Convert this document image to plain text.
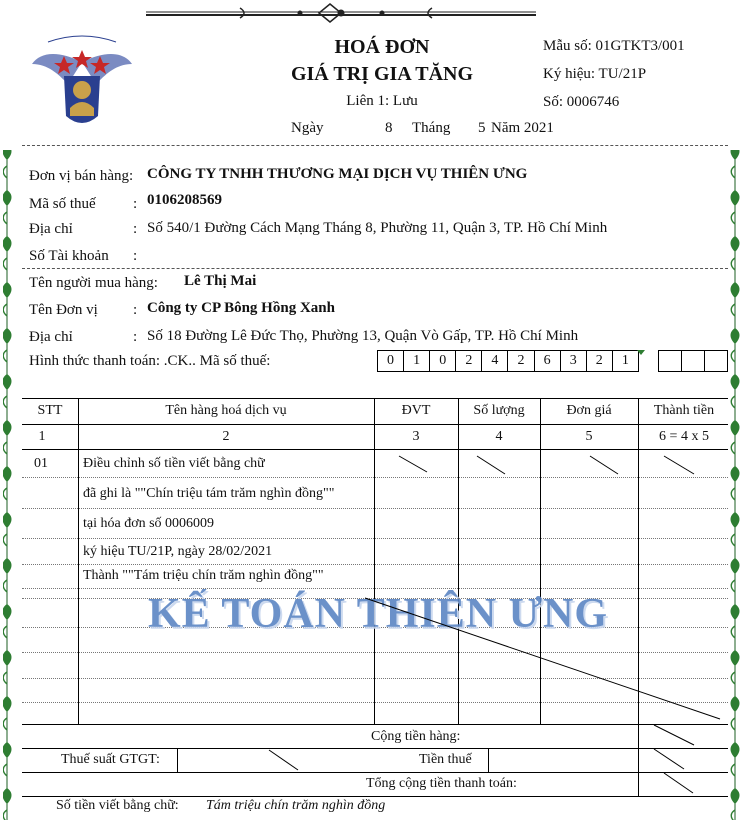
HOÁ ĐƠN
GIÁ TRỊ GIA TĂNG
Liên 1: Lưu
Ngày	8 Tháng 5 Năm 2021
Mẫu số: 01GTKT3/001
Ký hiệu: TU/21P
Số: 0006746
Đơn vị bán hàng: CÔNG TY TNHH THƯƠNG MẠI DỊCH VỤ THIÊN ƯNG
Mã số thuế : 0106208569
Địa chỉ	: Số 540/1 Đường Cách Mạng Tháng 8, Phường 11, Quận 3, TP. Hồ Chí Minh
Số Tài khoản :
Tên người mua hàng: Lê Thị Mai
Tên Đơn vị : Công ty CP Bông Hồng Xanh
Địa chỉ	: Số 18 Đường Lê Đức Thọ, Phường 13, Quận Vò Gấp, TP. Hồ Chí Minh
Hình thức thanh toán: .CK.. Mã số thuế:	0	1	0	2	4	2	6	3	2	1
STT	Tên hàng hoá dịch vụ	ĐVT	Số lượng	Đơn giá	Thành tiền
1	2	3	4	5	6 = 4 x 5
01	Điều chỉnh số tiền viết bằng chữ
đã ghi là ""Chín triệu tám trăm nghìn đồng""
tại hóa đơn số 0006009
ký hiệu TU/21P, ngày 28/02/2021
Thành ""Tám triệu chín trăm nghìn đồng""
KẾ TOÁN THIÊN ƯNG
Cộng tiền hàng:
Thuế suất GTGT:	Tiền thuế
Tổng cộng tiền thanh toán:
Số tiền viết bằng chữ: Tám triệu chín trăm nghìn đồng
